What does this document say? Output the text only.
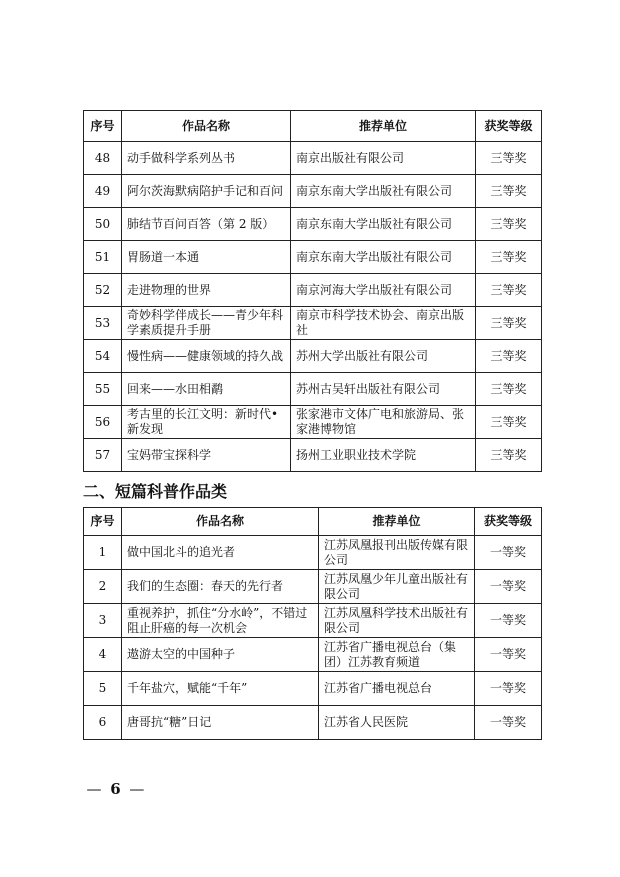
序号	作品名称	推荐单位	获奖等级
48	动手做科学系列丛书	南京出版社有限公司	三等奖
49	阿尔茨海默病陪护手记和百问	南京东南大学出版社有限公司	三等奖
50	肺结节百问百答（第 2 版）	南京东南大学出版社有限公司	三等奖
51	胃肠道一本通	南京东南大学出版社有限公司	三等奖
52	走进物理的世界	南京河海大学出版社有限公司	三等奖
53	奇妙科学伴成长——青少年科学素质提升手册	南京市科学技术协会、南京出版社	三等奖
54	慢性病——健康领域的持久战	苏州大学出版社有限公司	三等奖
55	回来——水田相鹬	苏州古吴轩出版社有限公司	三等奖
56	考古里的长江文明：新时代•新发现	张家港市文体广电和旅游局、张家港博物馆	三等奖
57	宝妈带宝探科学	扬州工业职业技术学院	三等奖
二、短篇科普作品类
序号	作品名称	推荐单位	获奖等级
1	做中国北斗的追光者	江苏凤凰报刊出版传媒有限公司	一等奖
2	我们的生态圈：春天的先行者	江苏凤凰少年儿童出版社有限公司	一等奖
3	重视养护，抓住“分水岭”，不错过阻止肝癌的每一次机会	江苏凤凰科学技术出版社有限公司	一等奖
4	遨游太空的中国种子	江苏省广播电视总台（集团）江苏教育频道	一等奖
5	千年盐穴，赋能“千年”	江苏省广播电视总台	一等奖
6	唐哥抗“糖”日记	江苏省人民医院	一等奖
— 6 —
